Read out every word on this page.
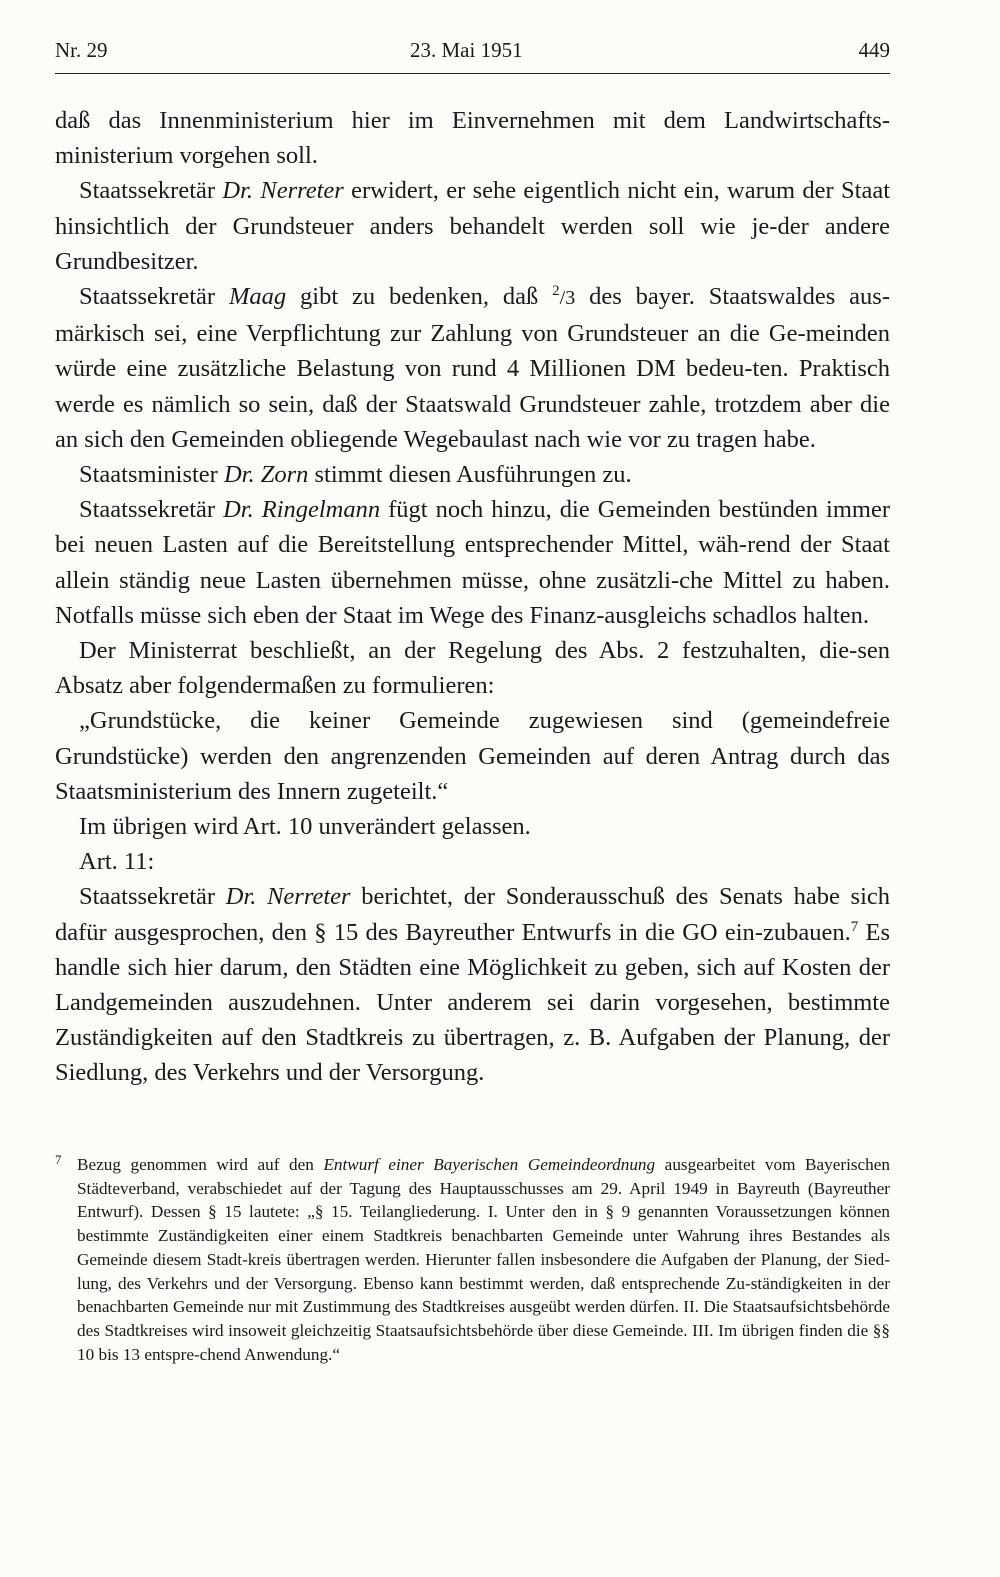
Nr. 29	23. Mai 1951	449

daß das Innenministerium hier im Einvernehmen mit dem Landwirtschafts-ministerium vorgehen soll.

Staatssekretär Dr. Nerreter erwidert, er sehe eigentlich nicht ein, warum der Staat hinsichtlich der Grundsteuer anders behandelt werden soll wie je-der andere Grundbesitzer.

Staatssekretär Maag gibt zu bedenken, daß $^2$/3 des bayer. Staatswaldes aus-märkisch sei, eine Verpflichtung zur Zahlung von Grundsteuer an die Ge-meinden würde eine zusätzliche Belastung von rund 4 Millionen DM bedeu-ten. Praktisch werde es nämlich so sein, daß der Staatswald Grundsteuer zahle, trotzdem aber die an sich den Gemeinden obliegende Wegebaulast nach wie vor zu tragen habe.

Staatsminister Dr. Zorn stimmt diesen Ausführungen zu.

Staatssekretär Dr. Ringelmann fügt noch hinzu, die Gemeinden bestünden immer bei neuen Lasten auf die Bereitstellung entsprechender Mittel, wäh-rend der Staat allein ständig neue Lasten übernehmen müsse, ohne zusätzli-che Mittel zu haben. Notfalls müsse sich eben der Staat im Wege des Finanz-ausgleichs schadlos halten.

Der Ministerrat beschließt, an der Regelung des Abs. 2 festzuhalten, die-sen Absatz aber folgendermaßen zu formulieren:

„Grundstücke, die keiner Gemeinde zugewiesen sind (gemeindefreie Grundstücke) werden den angrenzenden Gemeinden auf deren Antrag durch das Staatsministerium des Innern zugeteilt.“

Im übrigen wird Art. 10 unverändert gelassen.

Art. 11:

Staatssekretär Dr. Nerreter berichtet, der Sonderausschuß des Senats habe sich dafür ausgesprochen, den § 15 des Bayreuther Entwurfs in die GO ein-zubauen.$^7$ Es handle sich hier darum, den Städten eine Möglichkeit zu geben, sich auf Kosten der Landgemeinden auszudehnen. Unter anderem sei darin vorgesehen, bestimmte Zuständigkeiten auf den Stadtkreis zu übertragen, z. B. Aufgaben der Planung, der Siedlung, des Verkehrs und der Versorgung.

7 Bezug genommen wird auf den Entwurf einer Bayerischen Gemeindeordnung ausgearbeitet vom Bayerischen Städteverband, verabschiedet auf der Tagung des Hauptausschusses am 29. April 1949 in Bayreuth (Bayreuther Entwurf). Dessen § 15 lautete: „§ 15. Teilangliederung. I. Unter den in § 9 genannten Voraussetzungen können bestimmte Zuständigkeiten einer einem Stadtkreis benachbarten Gemeinde unter Wahrung ihres Bestandes als Gemeinde diesem Stadt-kreis übertragen werden. Hierunter fallen insbesondere die Aufgaben der Planung, der Sied-lung, des Verkehrs und der Versorgung. Ebenso kann bestimmt werden, daß entsprechende Zu-ständigkeiten in der benachbarten Gemeinde nur mit Zustimmung des Stadtkreises ausgeübt werden dürfen. II. Die Staatsaufsichtsbehörde des Stadtkreises wird insoweit gleichzeitig Staatsaufsichtsbehörde über diese Gemeinde. III. Im übrigen finden die §§ 10 bis 13 entspre-chend Anwendung.“
